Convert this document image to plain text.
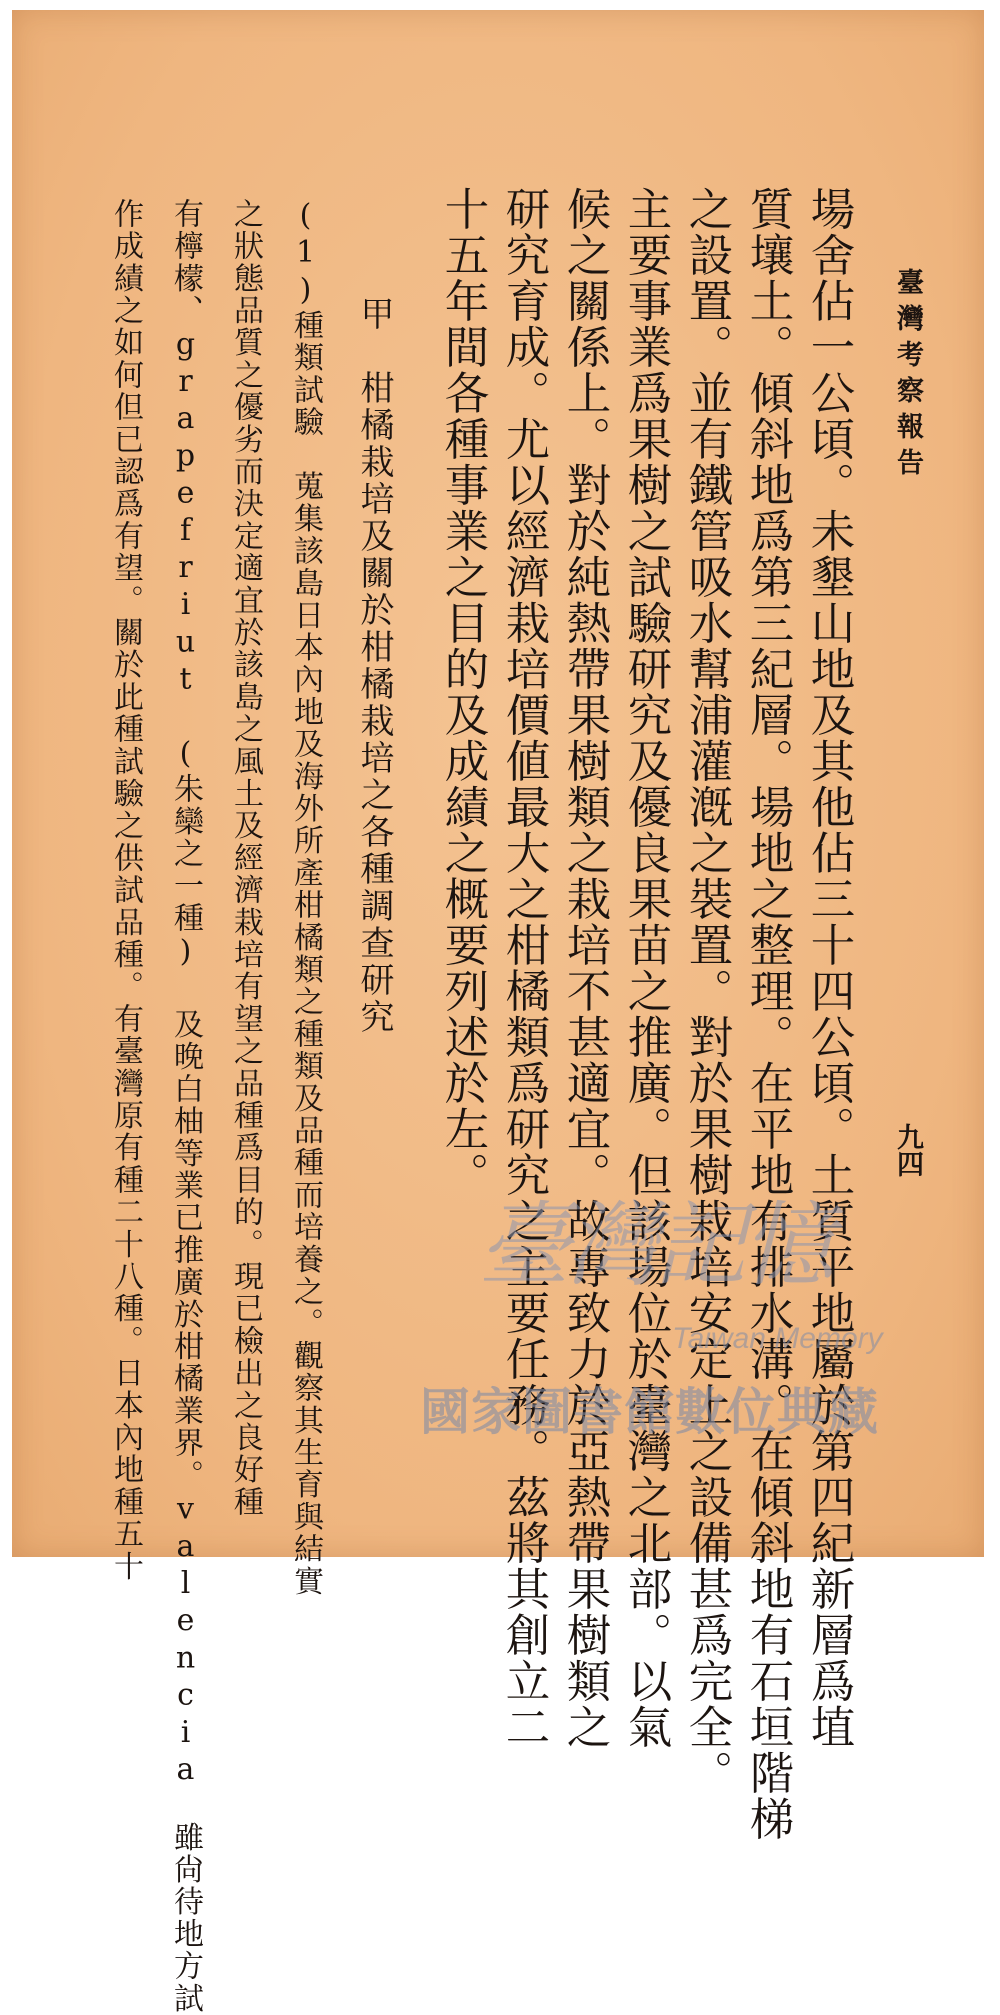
臺灣考察報告
九四
場舍佔一公頃。未墾山地及其他佔三十四公頃。土質平地屬於第四紀新層爲埴
質壤土。傾斜地爲第三紀層。場地之整理。在平地有排水溝。在傾斜地有石垣階梯
之設置。並有鐵管吸水幫浦灌漑之裝置。對於果樹栽培安定上之設備甚爲完全。
主要事業爲果樹之試驗研究及優良果苗之推廣。但該場位於臺灣之北部。以氣
候之關係上。對於純熱帶果樹類之栽培不甚適宜。故專致力於亞熱帶果樹類之
研究育成。尤以經濟栽培價値最大之柑橘類爲研究之主要任務。茲將其創立二
十五年間各種事業之目的及成績之概要列述於左。
甲　柑橘栽培及關於柑橘栽培之各種調查研究
(1)種類試驗　蒐集該島日本內地及海外所產柑橘類之種類及品種而培養之。觀察其生育與結實
之狀態品質之優劣而決定適宜於該島之風土及經濟栽培有望之品種爲目的。現已檢出之良好種
有檸檬、grapefriut (朱欒之一種) 及晚白柚等業已推廣於柑橘業界。valencia　雖尙待地方試
作成績之如何但已認爲有望。關於此種試驗之供試品種。有臺灣原有種二十八種。日本內地種五十	臺灣記憶
Taiwan Memory
國家圖書館數位典藏
